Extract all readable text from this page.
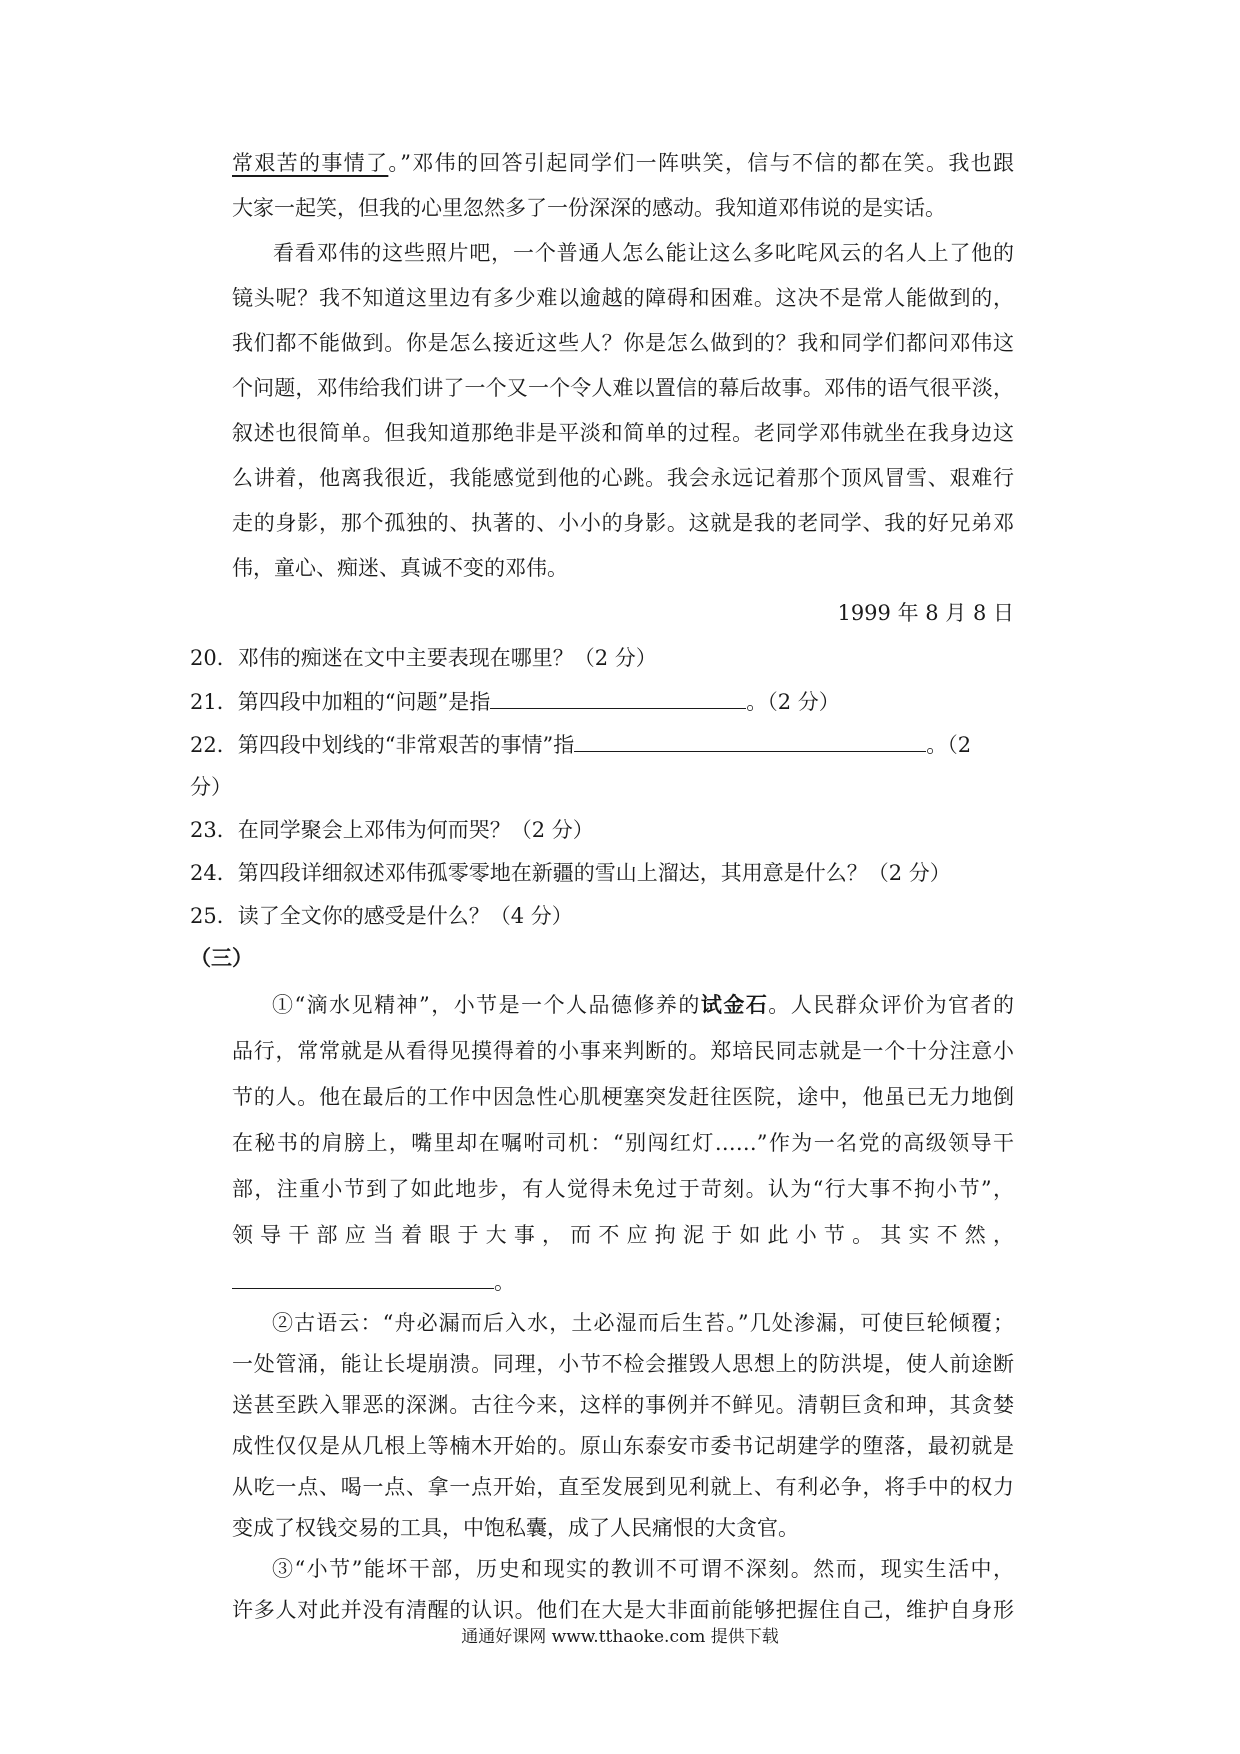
常艰苦的事情了。”邓伟的回答引起同学们一阵哄笑，信与不信的都在笑。我也跟
大家一起笑，但我的心里忽然多了一份深深的感动。我知道邓伟说的是实话。
看看邓伟的这些照片吧，一个普通人怎么能让这么多叱咤风云的名人上了他的
镜头呢？我不知道这里边有多少难以逾越的障碍和困难。这决不是常人能做到的，
我们都不能做到。你是怎么接近这些人？你是怎么做到的？我和同学们都问邓伟这
个问题，邓伟给我们讲了一个又一个令人难以置信的幕后故事。邓伟的语气很平淡，
叙述也很简单。但我知道那绝非是平淡和简单的过程。老同学邓伟就坐在我身边这
么讲着，他离我很近，我能感觉到他的心跳。我会永远记着那个顶风冒雪、艰难行
走的身影，那个孤独的、执著的、小小的身影。这就是我的老同学、我的好兄弟邓
伟，童心、痴迷、真诚不变的邓伟。
1999 年 8 月 8 日
20．邓伟的痴迷在文中主要表现在哪里？（2 分）
21．第四段中加粗的“问题”是指	。（2 分）
22．第四段中划线的“非常艰苦的事情”指	。（2
分）
23．在同学聚会上邓伟为何而哭？（2 分）
24．第四段详细叙述邓伟孤零零地在新疆的雪山上溜达，其用意是什么？（2 分）
25．读了全文你的感受是什么？（4 分）
（三）
①“滴水见精神”，小节是一个人品德修养的试金石。人民群众评价为官者的
品行，常常就是从看得见摸得着的小事来判断的。郑培民同志就是一个十分注意小
节的人。他在最后的工作中因急性心肌梗塞突发赶往医院，途中，他虽已无力地倒
在秘书的肩膀上，嘴里却在嘱咐司机：“别闯红灯……”作为一名党的高级领导干
部，注重小节到了如此地步，有人觉得未免过于苛刻。认为“行大事不拘小节”，
领导干部应当着眼于大事，而不应拘泥于如此小节。其实不然，
。
②古语云：“舟必漏而后入水，土必湿而后生苔。”几处渗漏，可使巨轮倾覆；
一处管涌，能让长堤崩溃。同理，小节不检会摧毁人思想上的防洪堤，使人前途断
送甚至跌入罪恶的深渊。古往今来，这样的事例并不鲜见。清朝巨贪和珅，其贪婪
成性仅仅是从几根上等楠木开始的。原山东泰安市委书记胡建学的堕落，最初就是
从吃一点、喝一点、拿一点开始，直至发展到见利就上、有利必争，将手中的权力
变成了权钱交易的工具，中饱私囊，成了人民痛恨的大贪官。
③“小节”能坏干部，历史和现实的教训不可谓不深刻。然而，现实生活中，
通通好课网 www.tthaoke.com 提供下载
许多人对此并没有清醒的认识。他们在大是大非面前能够把握住自己，维护自身形
